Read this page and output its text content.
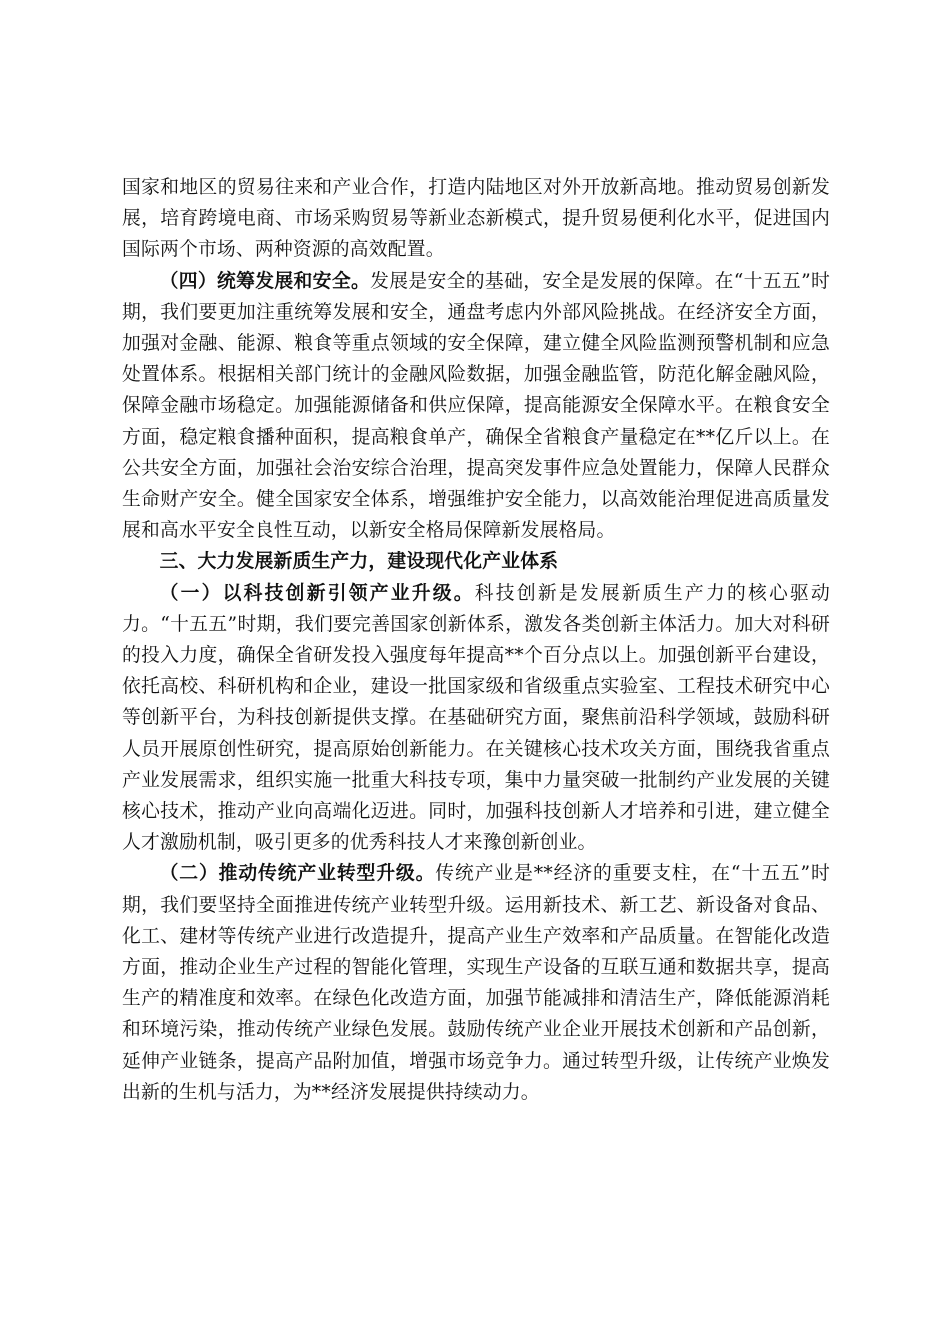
国家和地区的贸易往来和产业合作，打造内陆地区对外开放新高地。推动贸易创新发展，培育跨境电商、市场采购贸易等新业态新模式，提升贸易便利化水平，促进国内国际两个市场、两种资源的高效配置。

（四）统筹发展和安全。发展是安全的基础，安全是发展的保障。在“十五五”时期，我们要更加注重统筹发展和安全，通盘考虑内外部风险挑战。在经济安全方面，加强对金融、能源、粮食等重点领域的安全保障，建立健全风险监测预警机制和应急处置体系。根据相关部门统计的金融风险数据，加强金融监管，防范化解金融风险，保障金融市场稳定。加强能源储备和供应保障，提高能源安全保障水平。在粮食安全方面，稳定粮食播种面积，提高粮食单产，确保全省粮食产量稳定在**亿斤以上。在公共安全方面，加强社会治安综合治理，提高突发事件应急处置能力，保障人民群众生命财产安全。健全国家安全体系，增强维护安全能力，以高效能治理促进高质量发展和高水平安全良性互动，以新安全格局保障新发展格局。

三、大力发展新质生产力，建设现代化产业体系

（一）以科技创新引领产业升级。科技创新是发展新质生产力的核心驱动力。“十五五”时期，我们要完善国家创新体系，激发各类创新主体活力。加大对科研的投入力度，确保全省研发投入强度每年提高**个百分点以上。加强创新平台建设，依托高校、科研机构和企业，建设一批国家级和省级重点实验室、工程技术研究中心等创新平台，为科技创新提供支撑。在基础研究方面，聚焦前沿科学领域，鼓励科研人员开展原创性研究，提高原始创新能力。在关键核心技术攻关方面，围绕我省重点产业发展需求，组织实施一批重大科技专项，集中力量突破一批制约产业发展的关键核心技术，推动产业向高端化迈进。同时，加强科技创新人才培养和引进，建立健全人才激励机制，吸引更多的优秀科技人才来豫创新创业。

（二）推动传统产业转型升级。传统产业是**经济的重要支柱，在“十五五”时期，我们要坚持全面推进传统产业转型升级。运用新技术、新工艺、新设备对食品、化工、建材等传统产业进行改造提升，提高产业生产效率和产品质量。在智能化改造方面，推动企业生产过程的智能化管理，实现生产设备的互联互通和数据共享，提高生产的精准度和效率。在绿色化改造方面，加强节能减排和清洁生产，降低能源消耗和环境污染，推动传统产业绿色发展。鼓励传统产业企业开展技术创新和产品创新，延伸产业链条，提高产品附加值，增强市场竞争力。通过转型升级，让传统产业焕发出新的生机与活力，为**经济发展提供持续动力。
